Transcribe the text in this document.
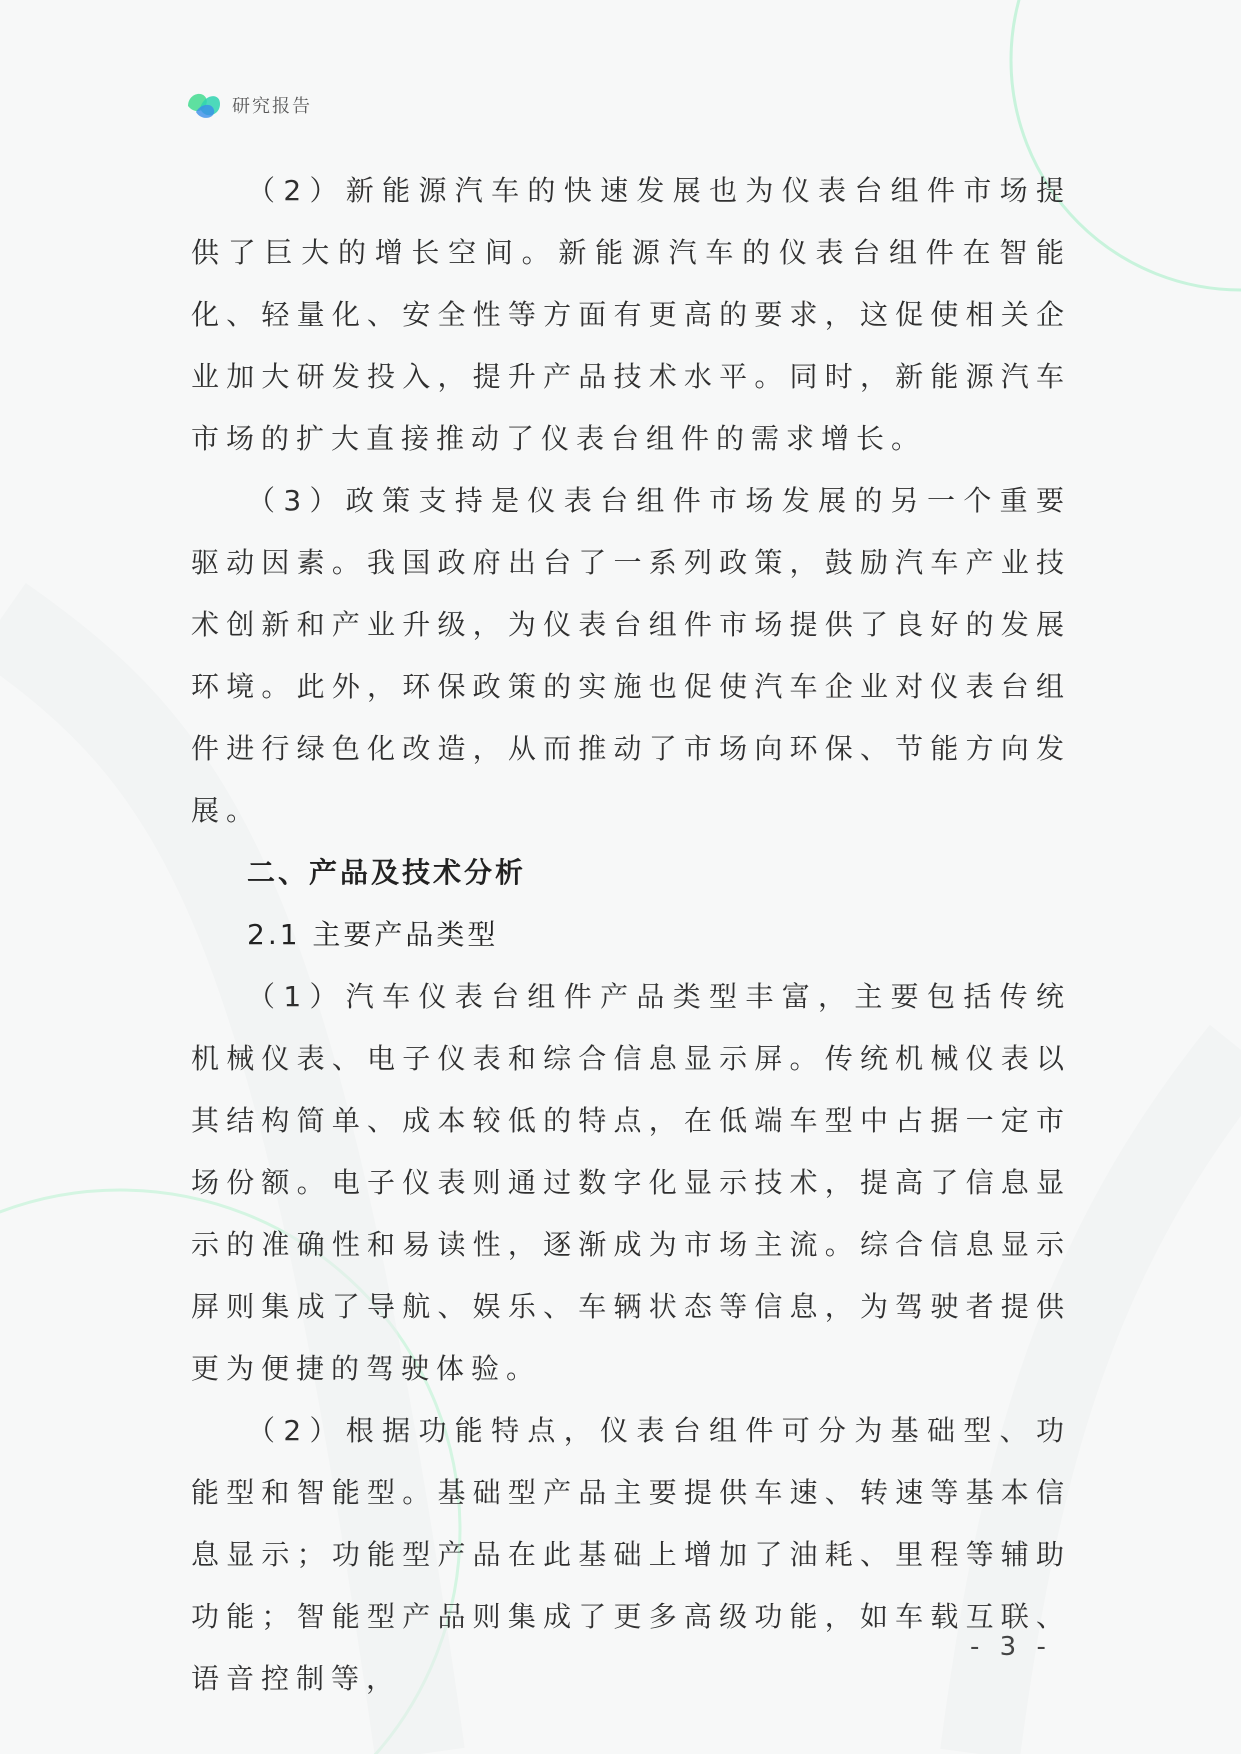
研究报告

（2）新能源汽车的快速发展也为仪表台组件市场提供了巨大的增长空间。新能源汽车的仪表台组件在智能化、轻量化、安全性等方面有更高的要求，这促使相关企业加大研发投入，提升产品技术水平。同时，新能源汽车市场的扩大直接推动了仪表台组件的需求增长。

（3）政策支持是仪表台组件市场发展的另一个重要驱动因素。我国政府出台了一系列政策，鼓励汽车产业技术创新和产业升级，为仪表台组件市场提供了良好的发展环境。此外，环保政策的实施也促使汽车企业对仪表台组件进行绿色化改造，从而推动了市场向环保、节能方向发展。

二、产品及技术分析

2.1 主要产品类型

（1）汽车仪表台组件产品类型丰富，主要包括传统机械仪表、电子仪表和综合信息显示屏。传统机械仪表以其结构简单、成本较低的特点，在低端车型中占据一定市场份额。电子仪表则通过数字化显示技术，提高了信息显示的准确性和易读性，逐渐成为市场主流。综合信息显示屏则集成了导航、娱乐、车辆状态等信息，为驾驶者提供更为便捷的驾驶体验。

（2）根据功能特点，仪表台组件可分为基础型、功能型和智能型。基础型产品主要提供车速、转速等基本信息显示；功能型产品在此基础上增加了油耗、里程等辅助功能；智能型产品则集成了更多高级功能，如车载互联、语音控制等，

- 3 -
